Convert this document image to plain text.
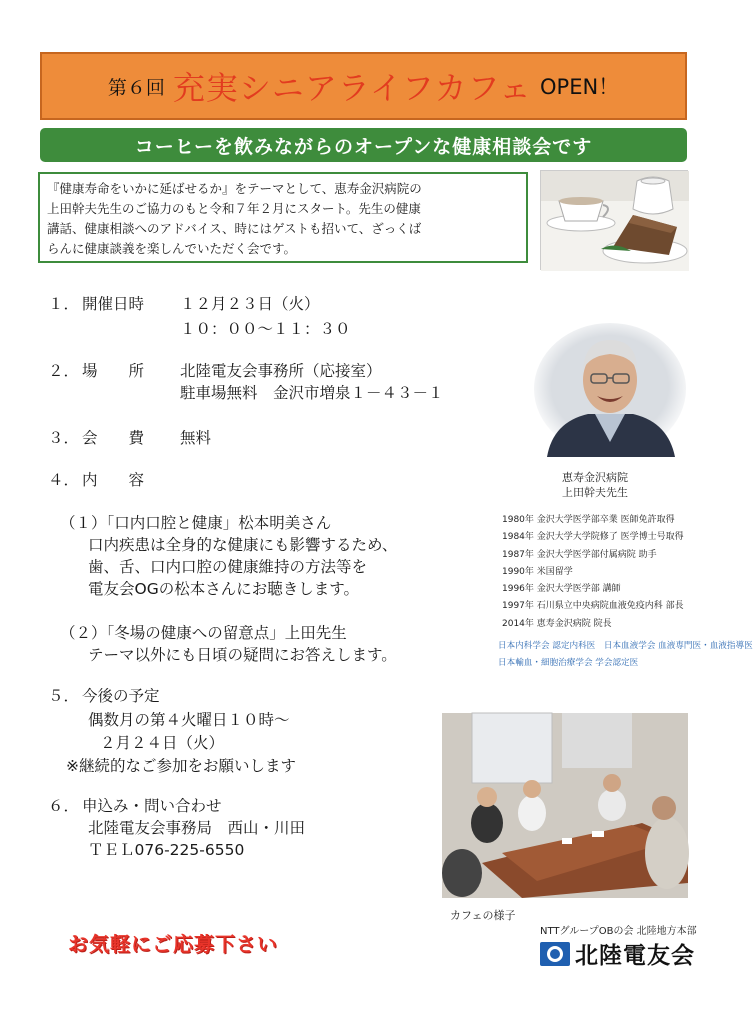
第６回 充実シニアライフカフェ OPEN！
コーヒーを飲みながらのオープンな健康相談会です
『健康寿命をいかに延ばせるか』をテーマとして、恵寿金沢病院の
上田幹夫先生のご協力のもと令和７年２月にスタート。先生の健康
講話、健康相談へのアドバイス、時にはゲストも招いて、ざっくば
らんに健康談義を楽しんでいただく会です。
１． 開催日時 １２月２３日（火）
１０：００～１１：３０
２． 場　　所 北陸電友会事務所（応接室）
駐車場無料　金沢市増泉１－４３－１
３． 会　　費 無料
４． 内　　容
（１）「口内口腔と健康」松本明美さん
口内疾患は全身的な健康にも影響するため、
歯、舌、口内口腔の健康維持の方法等を
電友会OGの松本さんにお聴きします。
（２）「冬場の健康への留意点」上田先生
テーマ以外にも日頃の疑問にお答えします。
５． 今後の予定
偶数月の第４火曜日１０時～
２月２４日（火）
※継続的なご参加をお願いします
６． 申込み・問い合わせ
北陸電友会事務局　西山・川田
ＴＥＬ076-225-6550
恵寿金沢病院
上田幹夫先生
1980年 金沢大学医学部卒業 医師免許取得
1984年 金沢大学大学院修了 医学博士号取得
1987年 金沢大学医学部付属病院 助手
1990年 米国留学
1996年 金沢大学医学部 講師
1997年 石川県立中央病院血液免疫内科 部長
2014年 恵寿金沢病院 院長
日本内科学会 認定内科医　日本血液学会 血液専門医・血液指導医
日本輸血・細胞治療学会 学会認定医
カフェの様子
お気軽にご応募下さい
NTTグループOBの会 北陸地方本部
北陸電友会
